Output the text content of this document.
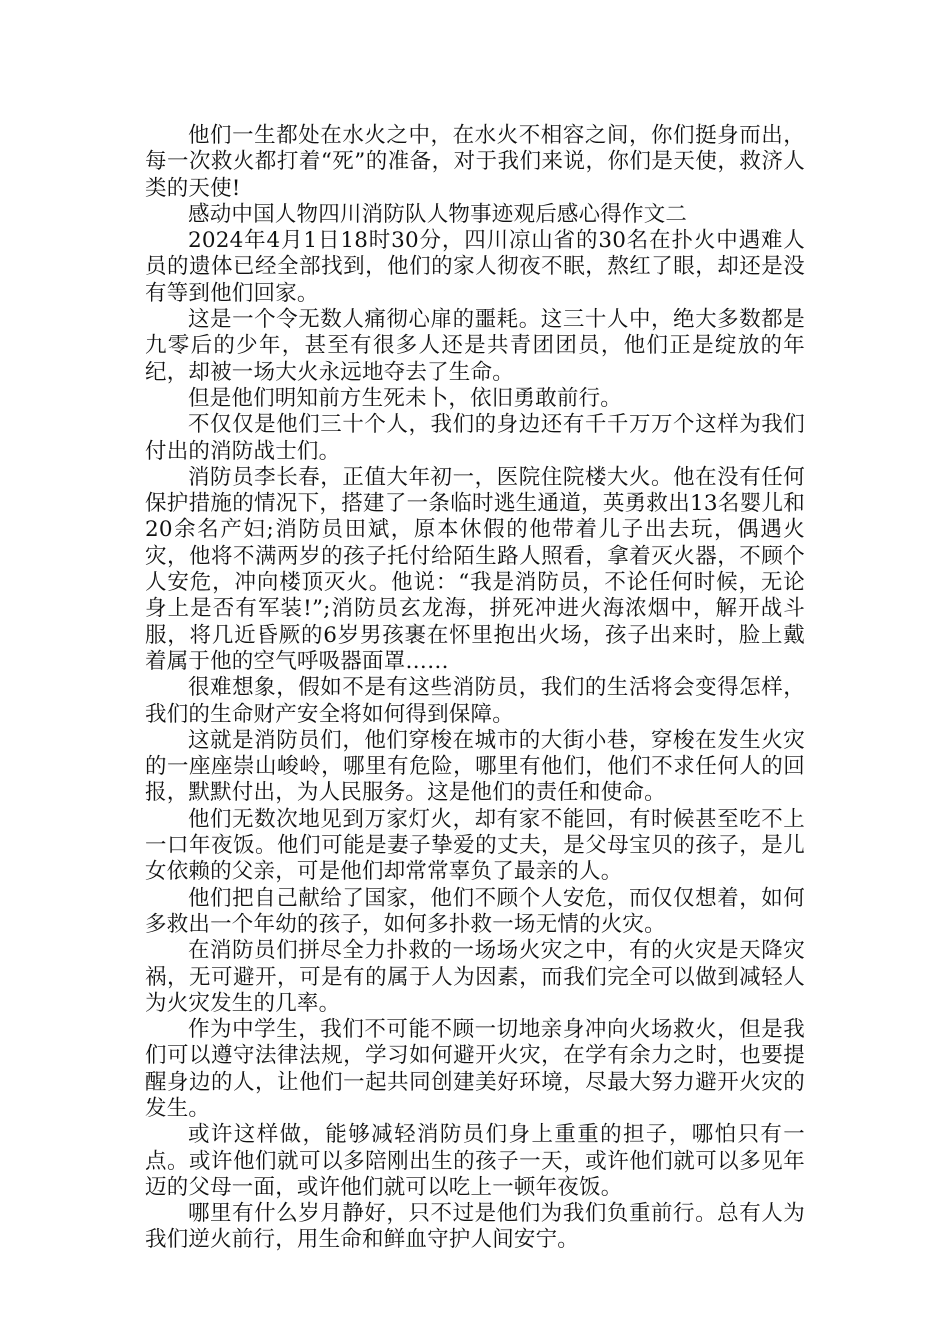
他们一生都处在水火之中，在水火不相容之间，你们挺身而出，每一次救火都打着“死”的准备，对于我们来说，你们是天使，救济人类的天使!

感动中国人物四川消防队人物事迹观后感心得作文二

2024年4月1日18时30分，四川凉山省的30名在扑火中遇难人员的遗体已经全部找到，他们的家人彻夜不眠，熬红了眼，却还是没有等到他们回家。

这是一个令无数人痛彻心扉的噩耗。这三十人中，绝大多数都是九零后的少年，甚至有很多人还是共青团团员，他们正是绽放的年纪，却被一场大火永远地夺去了生命。

但是他们明知前方生死未卜，依旧勇敢前行。

不仅仅是他们三十个人，我们的身边还有千千万万个这样为我们付出的消防战士们。

消防员李长春，正值大年初一，医院住院楼大火。他在没有任何保护措施的情况下，搭建了一条临时逃生通道，英勇救出13名婴儿和20余名产妇;消防员田斌，原本休假的他带着儿子出去玩，偶遇火灾，他将不满两岁的孩子托付给陌生路人照看，拿着灭火器，不顾个人安危，冲向楼顶灭火。他说：“我是消防员，不论任何时候，无论身上是否有军装!”;消防员玄龙海，拼死冲进火海浓烟中，解开战斗服，将几近昏厥的6岁男孩裹在怀里抱出火场，孩子出来时，脸上戴着属于他的空气呼吸器面罩……

很难想象，假如不是有这些消防员，我们的生活将会变得怎样，我们的生命财产安全将如何得到保障。

这就是消防员们，他们穿梭在城市的大街小巷，穿梭在发生火灾的一座座崇山峻岭，哪里有危险，哪里有他们，他们不求任何人的回报，默默付出，为人民服务。这是他们的责任和使命。

他们无数次地见到万家灯火，却有家不能回，有时候甚至吃不上一口年夜饭。他们可能是妻子挚爱的丈夫，是父母宝贝的孩子，是儿女依赖的父亲，可是他们却常常辜负了最亲的人。

他们把自己献给了国家，他们不顾个人安危，而仅仅想着，如何多救出一个年幼的孩子，如何多扑救一场无情的火灾。

在消防员们拼尽全力扑救的一场场火灾之中，有的火灾是天降灾祸，无可避开，可是有的属于人为因素，而我们完全可以做到减轻人为火灾发生的几率。

作为中学生，我们不可能不顾一切地亲身冲向火场救火，但是我们可以遵守法律法规，学习如何避开火灾，在学有余力之时，也要提醒身边的人，让他们一起共同创建美好环境，尽最大努力避开火灾的发生。

或许这样做，能够减轻消防员们身上重重的担子，哪怕只有一点。或许他们就可以多陪刚出生的孩子一天，或许他们就可以多见年迈的父母一面，或许他们就可以吃上一顿年夜饭。

哪里有什么岁月静好，只不过是他们为我们负重前行。总有人为我们逆火前行，用生命和鲜血守护人间安宁。
